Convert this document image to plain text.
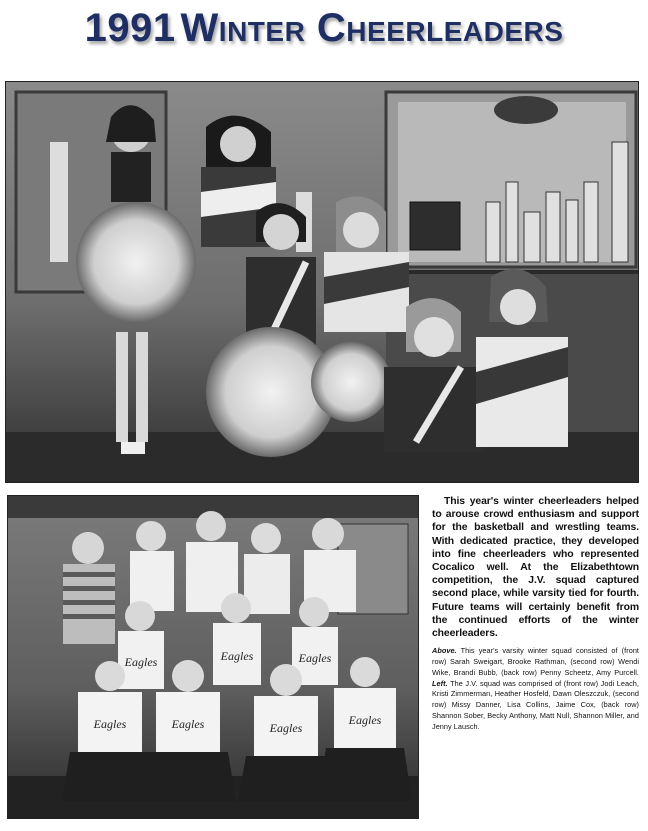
1991 Winter Cheerleaders
Eagles	Eagles	Eagles
Eagles
Eagles	Eagles	Eagles

This year's winter cheerleaders helped to arouse crowd enthusiasm and support for the basketball and wrestling teams. With dedicated practice, they developed into fine cheerleaders who represented Cocalico well. At the Elizabethtown competition, the J.V. squad captured second place, while varsity tied for fourth. Future teams will certainly benefit from the continued efforts of the winter cheerleaders.

Above. This year's varsity winter squad consisted of (front row) Sarah Sweigart, Brooke Rathman, (second row) Wendi Wike, Brandi Bubb, (back row) Penny Scheetz, Amy Purcell. Left. The J.V. squad was comprised of (front row) Jodi Leach, Kristi Zimmerman, Heather Hosfeld, Dawn Oleszczuk, (second row) Missy Danner, Lisa Collins, Jaime Cox, (back row) Shannon Sober, Becky Anthony, Matt Null, Shannon Miller, and Jenny Lausch.
